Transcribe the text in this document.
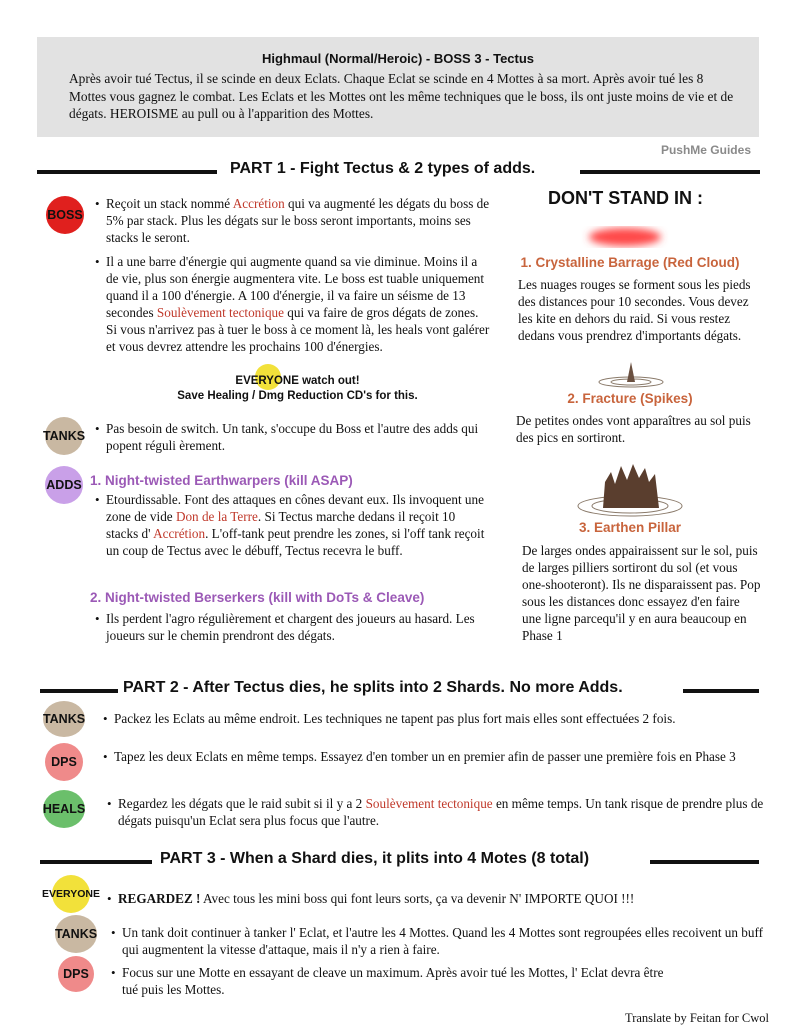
Highmaul (Normal/Heroic) - BOSS 3 - Tectus
Après avoir tué Tectus, il se scinde en deux Eclats. Chaque Eclat se scinde en 4 Mottes à sa mort. Après avoir tué les 8 Mottes vous gagnez le combat. Les Eclats et les Mottes ont les même techniques que le boss, ils ont juste moins de vie et de dégats. HEROISME au pull ou à l'apparition des Mottes.
PushMe Guides
PART 1 - Fight Tectus & 2 types of adds.
BOSS
• Reçoit un stack nommé Accrétion qui va augmenté les dégats du boss de 5% par stack. Plus les dégats sur le boss seront importants, moins ses stacks le seront.
• Il a une barre d'énergie qui augmente quand sa vie diminue. Moins il a de vie, plus son énergie augmentera vite. Le boss est tuable uniquement quand il a 100 d'énergie. A 100 d'énergie, il va faire un séisme de 13 secondes Soulèvement tectonique qui va faire de gros dégats de zones. Si vous n'arrivez pas à tuer le boss à ce moment là, les heals vont galérer et vous devrez attendre les prochains 100 d'énergies.
EVERYONE watch out!
Save Healing / Dmg Reduction CD's for this.
TANKS • Pas besoin de switch. Un tank, s'occupe du Boss et l'autre des adds qui popent réguli èrement.
ADDS 1. Night-twisted Earthwarpers (kill ASAP)
• Etourdissable. Font des attaques en cônes devant eux. Ils invoquent une zone de vide Don de la Terre. Si Tectus marche dedans il reçoit 10 stacks d' Accrétion. L'off-tank peut prendre les zones, si l'off tank reçoit un coup de Tectus avec le débuff, Tectus recevra le buff.
2. Night-twisted Berserkers (kill with DoTs & Cleave)
• Ils perdent l'agro régulièrement et chargent des joueurs au hasard. Les joueurs sur le chemin prendront des dégats.
DON'T STAND IN :
1. Crystalline Barrage (Red Cloud)
Les nuages rouges se forment sous les pieds des distances pour 10 secondes. Vous devez les kite en dehors du raid. Si vous restez dedans vous prendrez d'importants dégats.
2. Fracture (Spikes)
De petites ondes vont apparaîtres au sol puis des pics en sortiront.
3. Earthen Pillar
De larges ondes appairaissent sur le sol, puis de larges pilliers sortiront du sol (et vous one-shooteront). Ils ne disparaissent pas. Pop sous les distances donc essayez d'en faire une ligne parcequ'il y en aura beaucoup en Phase 1
PART 2 - After Tectus dies, he splits into 2 Shards. No more Adds.
TANKS • Packez les Eclats au même endroit. Les techniques ne tapent pas plus fort mais elles sont effectuées 2 fois.
DPS	• Tapez les deux Eclats en même temps. Essayez d'en tomber un en premier afin de passer une première fois en Phase 3
HEALS • Regardez les dégats que le raid subit si il y a 2 Soulèvement tectonique en même temps. Un tank risque de prendre plus de dégats puisqu'un Eclat sera plus focus que l'autre.
PART 3 - When a Shard dies, it plits into 4 Motes (8 total)
EVERYONE • REGARDEZ ! Avec tous les mini boss qui font leurs sorts, ça va devenir N' IMPORTE QUOI !!!
TANKS • Un tank doit continuer à tanker l' Eclat, et l'autre les 4 Mottes. Quand les 4 Mottes sont regroupées elles recoivent un buff qui augmentent la vitesse d'attaque, mais il n'y a rien à faire.
DPS	• Focus sur une Motte en essayant de cleave un maximum. Après avoir tué les Mottes, l' Eclat devra être tué puis les Mottes.
Translate by Feitan for Cwol
